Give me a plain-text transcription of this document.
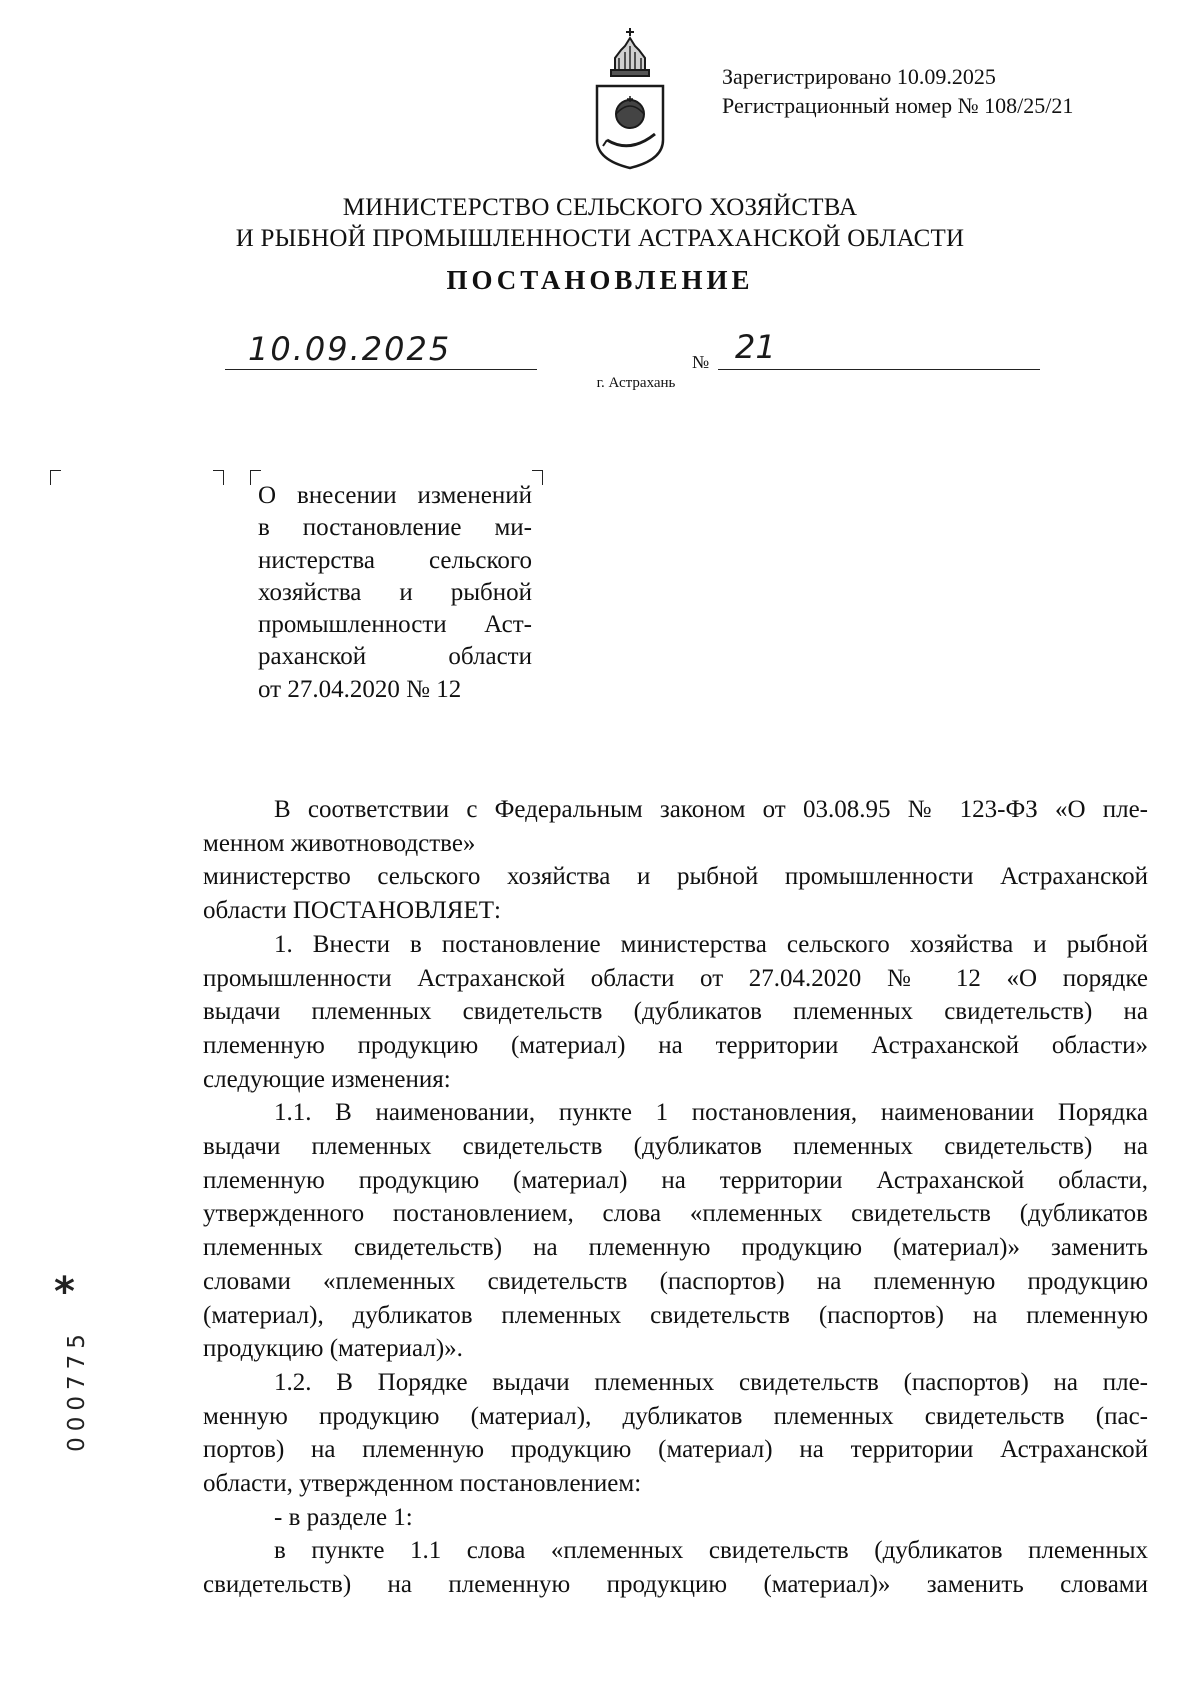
Зарегистрировано 10.09.2025
Регистрационный номер № 108/25/21
МИНИСТЕРСТВО СЕЛЬСКОГО ХОЗЯЙСТВА
И РЫБНОЙ ПРОМЫШЛЕННОСТИ АСТРАХАНСКОЙ ОБЛАСТИ
ПОСТАНОВЛЕНИЕ
10.09.2025	№ 21
г. Астрахань
О внесении изменений
в постановление ми-
нистерства сельского
хозяйства и рыбной
промышленности Аст-
раханской области
от 27.04.2020 № 12
В соответствии с Федеральным законом от 03.08.95 № 123-ФЗ «О пле-
менном животноводстве»
министерство сельского хозяйства и рыбной промышленности Астраханской
области ПОСТАНОВЛЯЕТ:
1. Внести в постановление министерства сельского хозяйства и рыбной
промышленности Астраханской области от 27.04.2020 № 12 «О порядке
выдачи племенных свидетельств (дубликатов племенных свидетельств) на
племенную продукцию (материал) на территории Астраханской области»
следующие изменения:
1.1. В наименовании, пункте 1 постановления, наименовании Порядка
выдачи племенных свидетельств (дубликатов племенных свидетельств) на
племенную продукцию (материал) на территории Астраханской области,
утвержденного постановлением, слова «племенных свидетельств (дубликатов
племенных свидетельств) на племенную продукцию (материал)» заменить
словами «племенных свидетельств (паспортов) на племенную продукцию
(материал), дубликатов племенных свидетельств (паспортов) на племенную
продукцию (материал)».
1.2. В Порядке выдачи племенных свидетельств (паспортов) на пле-
менную продукцию (материал), дубликатов племенных свидетельств (пас-
портов) на племенную продукцию (материал) на территории Астраханской
области, утвержденном постановлением:
- в разделе 1:
в пункте 1.1 слова «племенных свидетельств (дубликатов племенных
свидетельств) на племенную продукцию (материал)» заменить словами
*
000775
